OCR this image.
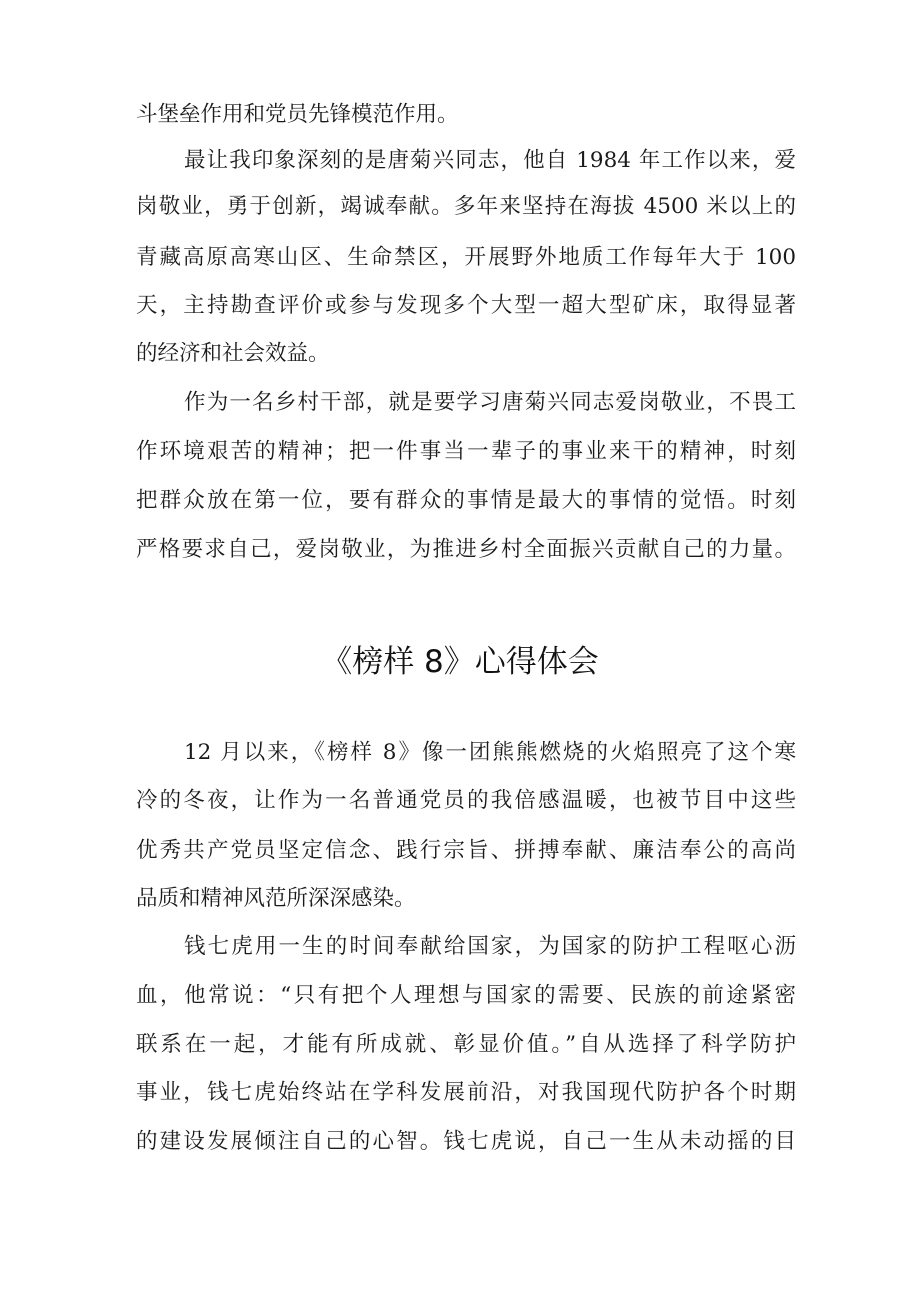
斗堡垒作用和党员先锋模范作用。
最让我印象深刻的是唐菊兴同志，他自 1984 年工作以来，爱
岗敬业，勇于创新，竭诚奉献。多年来坚持在海拔 4500 米以上的
青藏高原高寒山区、生命禁区，开展野外地质工作每年大于 100
天，主持勘查评价或参与发现多个大型一超大型矿床，取得显著
的经济和社会效益。
作为一名乡村干部，就是要学习唐菊兴同志爱岗敬业，不畏工
作环境艰苦的精神；把一件事当一辈子的事业来干的精神，时刻
把群众放在第一位，要有群众的事情是最大的事情的觉悟。时刻
严格要求自己，爱岗敬业，为推进乡村全面振兴贡献自己的力量。
《榜样 8》心得体会
12 月以来，《榜样 8》像一团熊熊燃烧的火焰照亮了这个寒
冷的冬夜，让作为一名普通党员的我倍感温暖，也被节目中这些
优秀共产党员坚定信念、践行宗旨、拼搏奉献、廉洁奉公的高尚
品质和精神风范所深深感染。
钱七虎用一生的时间奉献给国家，为国家的防护工程呕心沥
血，他常说：“只有把个人理想与国家的需要、民族的前途紧密
联系在一起，才能有所成就、彰显价值。”自从选择了科学防护
事业，钱七虎始终站在学科发展前沿，对我国现代防护各个时期
的建设发展倾注自己的心智。钱七虎说，自己一生从未动摇的目
